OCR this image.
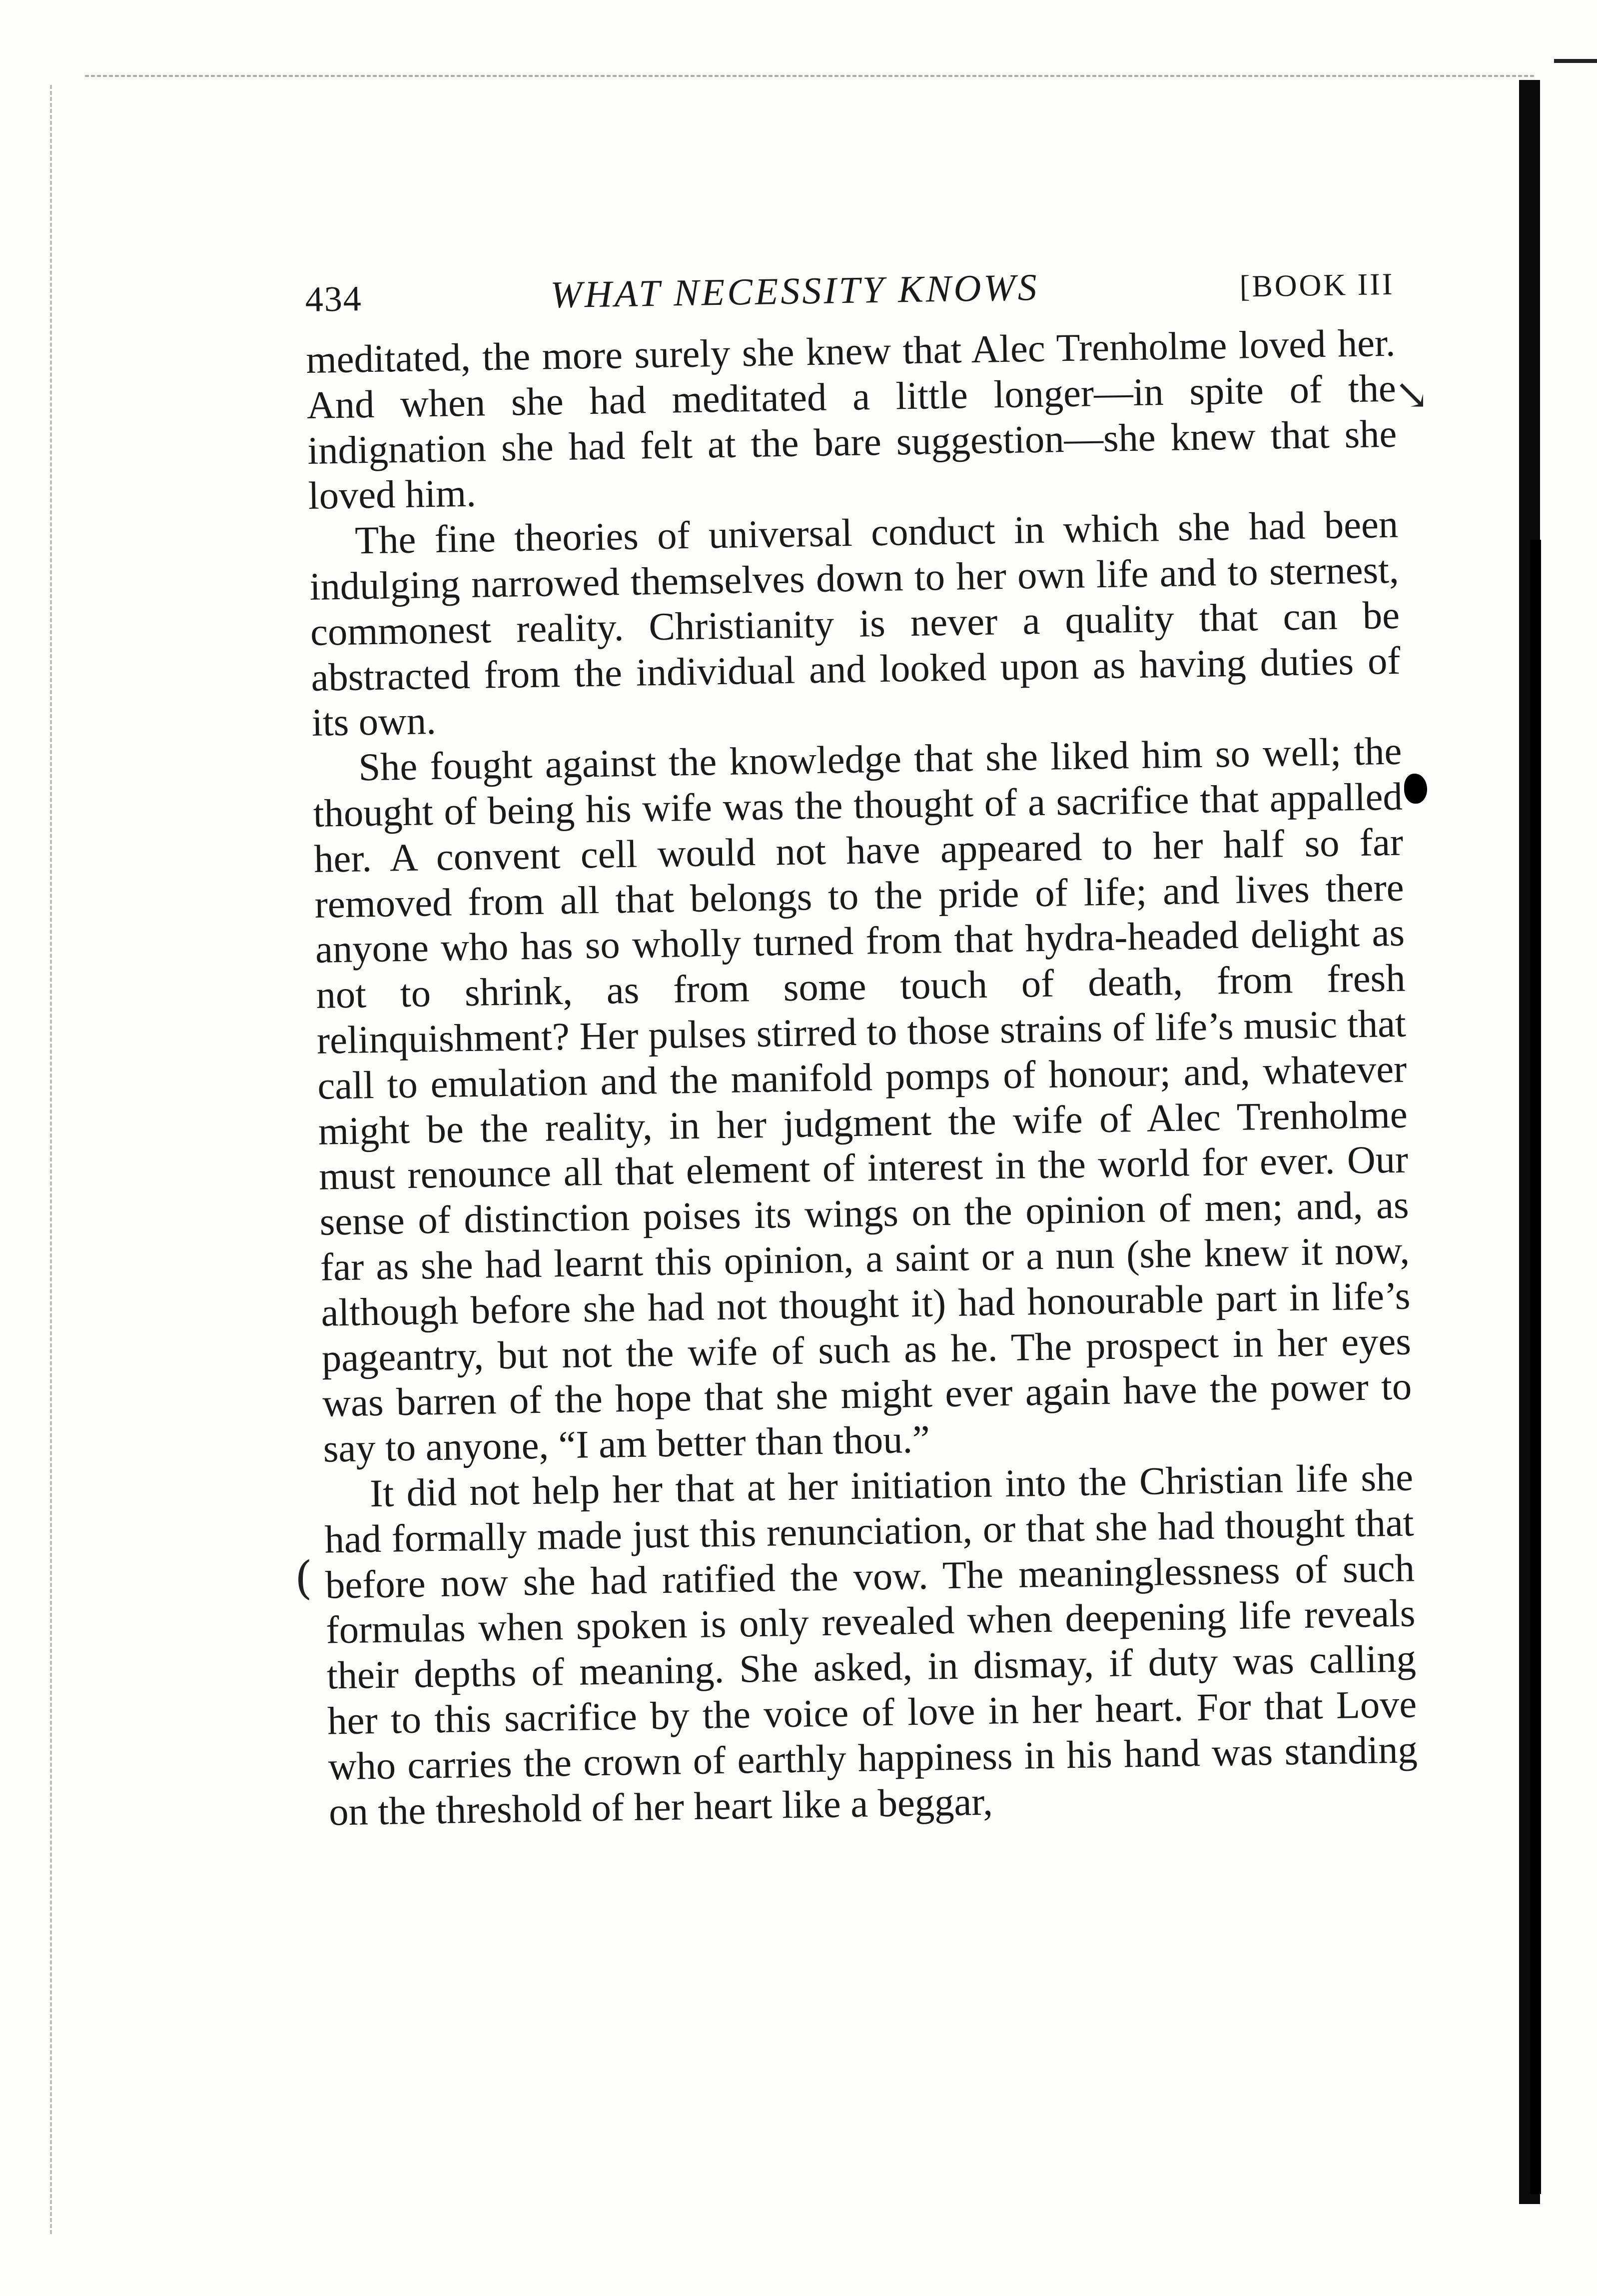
↘
(
434	WHAT NECESSITY KNOWS	[BOOK III

meditated, the more surely she knew that Alec Trenholme loved her. And when she had meditated a little longer—in spite of the indignation she had felt at the bare suggestion—she knew that she loved him.

The fine theories of universal conduct in which she had been indulging narrowed themselves down to her own life and to sternest, commonest reality. Christianity is never a quality that can be abstracted from the individual and looked upon as having duties of its own.

She fought against the knowledge that she liked him so well; the thought of being his wife was the thought of a sacrifice that appalled her. A convent cell would not have appeared to her half so far removed from all that belongs to the pride of life; and lives there anyone who has so wholly turned from that hydra-headed delight as not to shrink, as from some touch of death, from fresh relinquishment? Her pulses stirred to those strains of life’s music that call to emulation and the manifold pomps of honour; and, whatever might be the reality, in her judgment the wife of Alec Trenholme must renounce all that element of interest in the world for ever. Our sense of distinction poises its wings on the opinion of men; and, as far as she had learnt this opinion, a saint or a nun (she knew it now, although before she had not thought it) had honourable part in life’s pageantry, but not the wife of such as he. The prospect in her eyes was barren of the hope that she might ever again have the power to say to anyone, “I am better than thou.”

It did not help her that at her initiation into the Christian life she had formally made just this renunciation, or that she had thought that before now she had ratified the vow. The meaninglessness of such formulas when spoken is only revealed when deepening life reveals their depths of meaning. She asked, in dismay, if duty was calling her to this sacrifice by the voice of love in her heart. For that Love who carries the crown of earthly happiness in his hand was standing on the threshold of her heart like a beggar,
